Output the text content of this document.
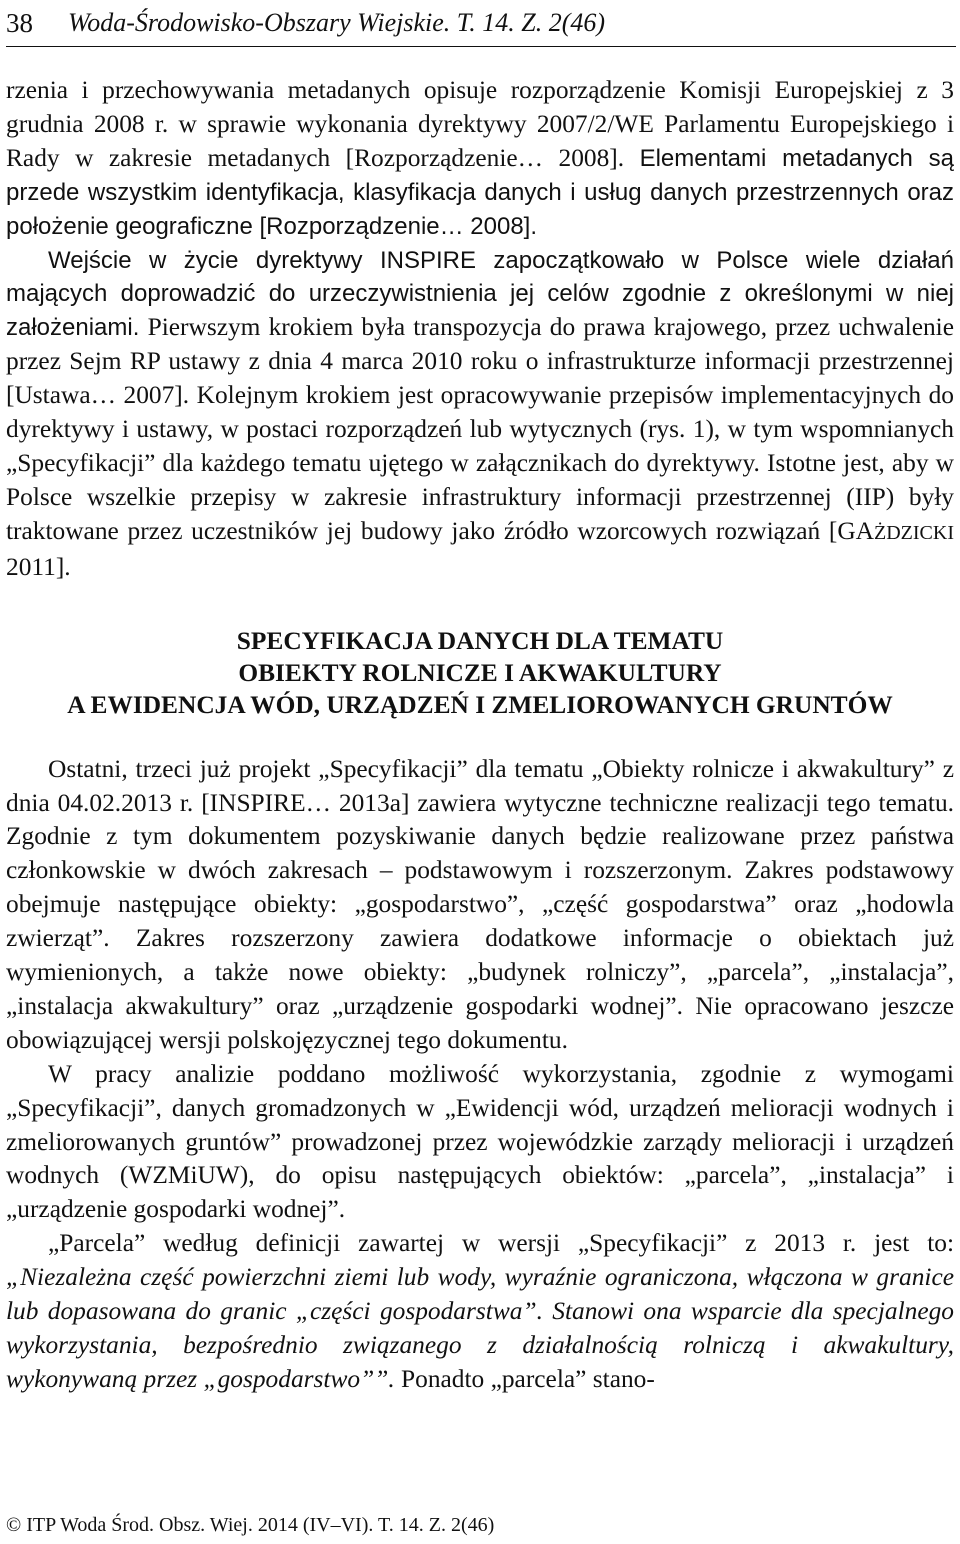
38 Woda-Środowisko-Obszary Wiejskie. T. 14. Z. 2(46)

rzenia i przechowywania metadanych opisuje rozporządzenie Komisji Europejskiej z 3 grudnia 2008 r. w sprawie wykonania dyrektywy 2007/2/WE Parlamentu Europejskiego i Rady w zakresie metadanych [Rozporządzenie… 2008]. Elementami metadanych są przede wszystkim identyfikacja, klasyfikacja danych i usług danych przestrzennych oraz położenie geograficzne [Rozporządzenie… 2008].

Wejście w życie dyrektywy INSPIRE zapoczątkowało w Polsce wiele działań mających doprowadzić do urzeczywistnienia jej celów zgodnie z określonymi w niej założeniami. Pierwszym krokiem była transpozycja do prawa krajowego, przez uchwalenie przez Sejm RP ustawy z dnia 4 marca 2010 roku o infrastrukturze informacji przestrzennej [Ustawa… 2007]. Kolejnym krokiem jest opracowywanie przepisów implementacyjnych do dyrektywy i ustawy, w postaci rozporządzeń lub wytycznych (rys. 1), w tym wspomnianych „Specyfikacji” dla każdego tematu ujętego w załącznikach do dyrektywy. Istotne jest, aby w Polsce wszelkie przepisy w zakresie infrastruktury informacji przestrzennej (IIP) były traktowane przez uczestników jej budowy jako źródło wzorcowych rozwiązań [GAŻDZICKI 2011].

SPECYFIKACJA DANYCH DLA TEMATU
OBIEKTY ROLNICZE I AKWAKULTURY
A EWIDENCJA WÓD, URZĄDZEŃ I ZMELIOROWANYCH GRUNTÓW

Ostatni, trzeci już projekt „Specyfikacji” dla tematu „Obiekty rolnicze i akwakultury” z dnia 04.02.2013 r. [INSPIRE… 2013a] zawiera wytyczne techniczne realizacji tego tematu. Zgodnie z tym dokumentem pozyskiwanie danych będzie realizowane przez państwa członkowskie w dwóch zakresach – podstawowym i rozszerzonym. Zakres podstawowy obejmuje następujące obiekty: „gospodarstwo”, „część gospodarstwa” oraz „hodowla zwierząt”. Zakres rozszerzony zawiera dodatkowe informacje o obiektach już wymienionych, a także nowe obiekty: „budynek rolniczy”, „parcela”, „instalacja”, „instalacja akwakultury” oraz „urządzenie gospodarki wodnej”. Nie opracowano jeszcze obowiązującej wersji polskojęzycznej tego dokumentu.

W pracy analizie poddano możliwość wykorzystania, zgodnie z wymogami „Specyfikacji”, danych gromadzonych w „Ewidencji wód, urządzeń melioracji wodnych i zmeliorowanych gruntów” prowadzonej przez wojewódzkie zarządy melioracji i urządzeń wodnych (WZMiUW), do opisu następujących obiektów: „parcela”, „instalacja” i „urządzenie gospodarki wodnej”.

„Parcela” według definicji zawartej w wersji „Specyfikacji” z 2013 r. jest to: „Niezależna część powierzchni ziemi lub wody, wyraźnie ograniczona, włączona w granice lub dopasowana do granic „części gospodarstwa”. Stanowi ona wsparcie dla specjalnego wykorzystania, bezpośrednio związanego z działalnością rolniczą i akwakultury, wykonywaną przez „gospodarstwo””. Ponadto „parcela” stano-

© ITP Woda Środ. Obsz. Wiej. 2014 (IV–VI). T. 14. Z. 2(46)
